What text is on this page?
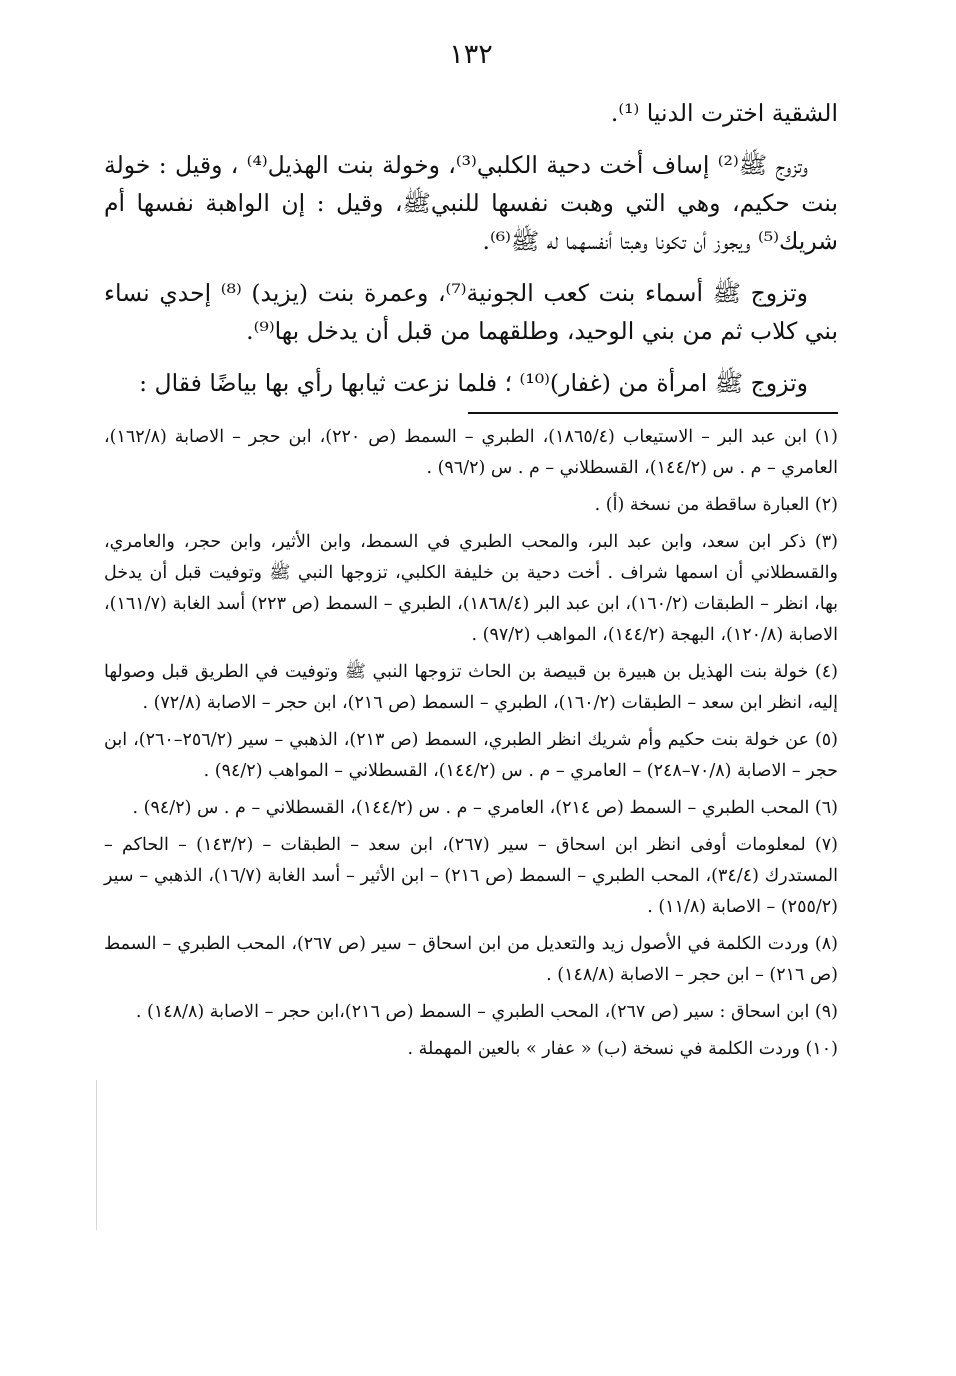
١٣٢

الشقية اخترت الدنيا ⁽¹⁾.

وتزوج ﷺ⁽²⁾ إساف أخت دحية الكلبي⁽³⁾، وخولة بنت الهذيل⁽⁴⁾ ، وقيل : خولة بنت حكيم، وهي التي وهبت نفسها للنبيﷺ، وقيل : إن الواهبة نفسها أم شريك⁽⁵⁾ ويجوز أن تكونا وهبتا أنفسهما له ﷺ⁽⁶⁾.

وتزوج ﷺ أسماء بنت كعب الجونية⁽⁷⁾، وعمرة بنت (يزيد) ⁽⁸⁾ إحدي نساء بني كلاب ثم من بني الوحيد، وطلقهما من قبل أن يدخل بها⁽⁹⁾.

وتزوج ﷺ امرأة من (غفار)⁽¹⁰⁾ ؛ فلما نزعت ثيابها رأي بها بياضًا فقال :

(١) ابن عبد البر – الاستيعاب (١٨٦٥/٤)، الطبري – السمط (ص ٢٢٠)، ابن حجر – الاصابة (١٦٢/٨)، العامري – م . س (١٤٤/٢)، القسطلاني – م . س (٩٦/٢) .

(٢) العبارة ساقطة من نسخة (أ) .

(٣) ذكر ابن سعد، وابن عبد البر، والمحب الطبري في السمط، وابن الأثير، وابن حجر، والعامري، والقسطلاني أن اسمها شراف . أخت دحية بن خليفة الكلبي، تزوجها النبي ﷺ وتوفيت قبل أن يدخل بها، انظر – الطبقات (١٦٠/٢)، ابن عبد البر (١٨٦٨/٤)، الطبري – السمط (ص ٢٢٣) أسد الغابة (١٦١/٧)، الاصابة (١٢٠/٨)، البهجة (١٤٤/٢)، المواهب (٩٧/٢) .

(٤) خولة بنت الهذيل بن هبيرة بن قبيصة بن الحاث تزوجها النبي ﷺ وتوفيت في الطريق قبل وصولها إليه، انظر ابن سعد – الطبقات (١٦٠/٢)، الطبري – السمط (ص ٢١٦)، ابن حجر – الاصابة (٧٢/٨) .

(٥) عن خولة بنت حكيم وأم شريك انظر الطبري، السمط (ص ٢١٣)، الذهبي – سير (٢٥٦/٢–٢٦٠)، ابن حجر – الاصابة (٧٠/٨–٢٤٨) – العامري – م . س (١٤٤/٢)، القسطلاني – المواهب (٩٤/٢) .

(٦) المحب الطبري – السمط (ص ٢١٤)، العامري – م . س (١٤٤/٢)، القسطلاني – م . س (٩٤/٢) .

(٧) لمعلومات أوفى انظر ابن اسحاق – سير (٢٦٧)، ابن سعد – الطبقات – (١٤٣/٢) – الحاكم – المستدرك (٣٤/٤)، المحب الطبري – السمط (ص ٢١٦) – ابن الأثير – أسد الغابة (١٦/٧)، الذهبي – سير (٢٥٥/٢) – الاصابة (١١/٨) .

(٨) وردت الكلمة في الأصول زيد والتعديل من ابن اسحاق – سير (ص ٢٦٧)، المحب الطبري – السمط (ص ٢١٦) – ابن حجر – الاصابة (١٤٨/٨) .

(٩) ابن اسحاق : سير (ص ٢٦٧)، المحب الطبري – السمط (ص ٢١٦)،ابن حجر – الاصابة (١٤٨/٨) .

(١٠) وردت الكلمة في نسخة (ب) « عفار » بالعين المهملة .
